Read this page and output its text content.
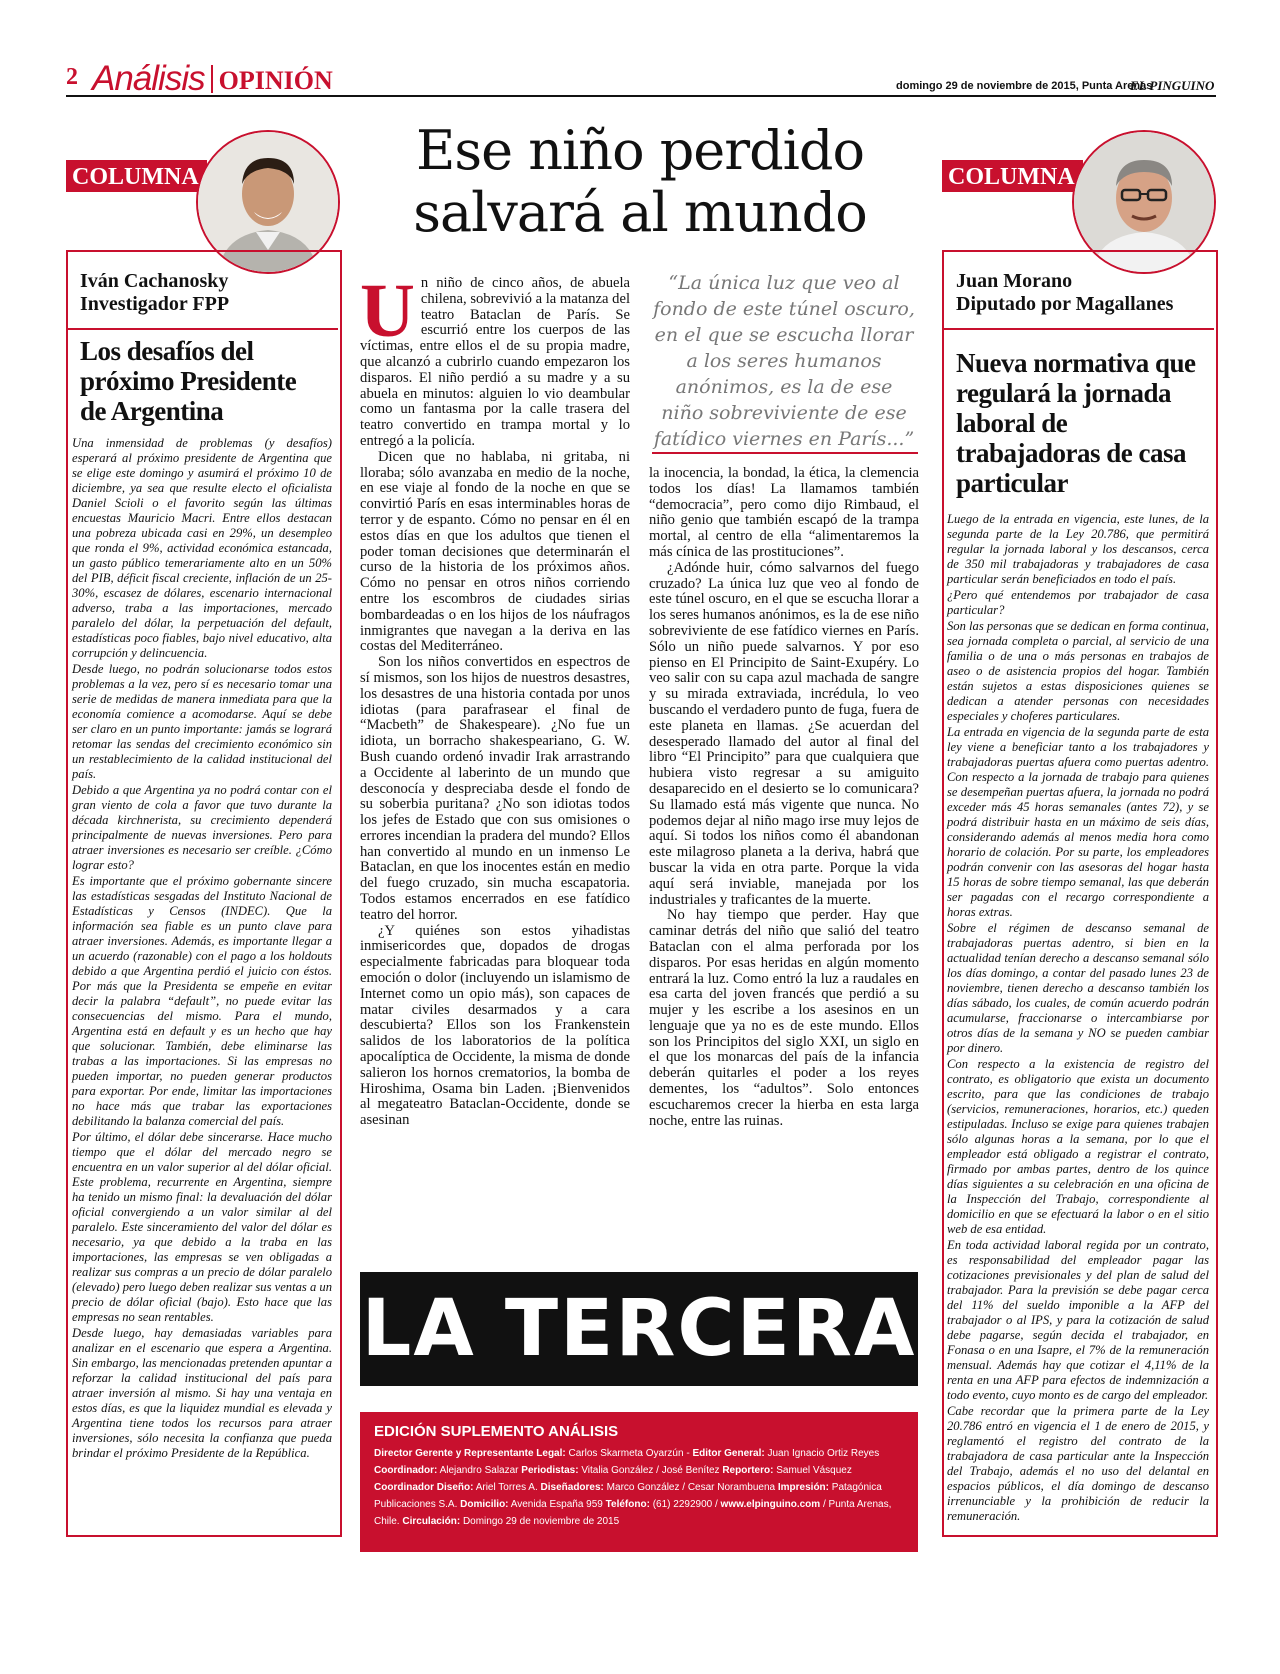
2 Análisis OPINIÓN	domingo 29 de noviembre de 2015, Punta Arenas
EL PINGUINO
COLUMNA
Iván Cachanosky
Investigador FPP
Los desafíos del próximo Presidente de Argentina

Una inmensidad de problemas (y desafíos) esperará al próximo presidente de Argentina que se elige este domingo y asumirá el próximo 10 de diciembre, ya sea que resulte electo el oficialista Daniel Scioli o el favorito según las últimas encuestas Mauricio Macri. Entre ellos destacan una pobreza ubicada casi en 29%, un desempleo que ronda el 9%, actividad económica estancada, un gasto público temerariamente alto en un 50% del PIB, déficit fiscal creciente, inflación de un 25-30%, escasez de dólares, escenario internacional adverso, traba a las importaciones, mercado paralelo del dólar, la perpetuación del default, estadísticas poco fiables, bajo nivel educativo, alta corrupción y delincuencia.

Desde luego, no podrán solucionarse todos estos problemas a la vez, pero sí es necesario tomar una serie de medidas de manera inmediata para que la economía comience a acomodarse. Aquí se debe ser claro en un punto importante: jamás se logrará retomar las sendas del crecimiento económico sin un restablecimiento de la calidad institucional del país.

Debido a que Argentina ya no podrá contar con el gran viento de cola a favor que tuvo durante la década kirchnerista, su crecimiento dependerá principalmente de nuevas inversiones. Pero para atraer inversiones es necesario ser creíble. ¿Cómo lograr esto?

Es importante que el próximo gobernante sincere las estadísticas sesgadas del Instituto Nacional de Estadísticas y Censos (INDEC). Que la información sea fiable es un punto clave para atraer inversiones. Además, es importante llegar a un acuerdo (razonable) con el pago a los holdouts debido a que Argentina perdió el juicio con éstos. Por más que la Presidenta se empeñe en evitar decir la palabra “default”, no puede evitar las consecuencias del mismo. Para el mundo, Argentina está en default y es un hecho que hay que solucionar. También, debe eliminarse las trabas a las importaciones. Si las empresas no pueden importar, no pueden generar productos para exportar. Por ende, limitar las importaciones no hace más que trabar las exportaciones debilitando la balanza comercial del país.

Por último, el dólar debe sincerarse. Hace mucho tiempo que el dólar del mercado negro se encuentra en un valor superior al del dólar oficial. Este problema, recurrente en Argentina, siempre ha tenido un mismo final: la devaluación del dólar oficial convergiendo a un valor similar al del paralelo. Este sinceramiento del valor del dólar es necesario, ya que debido a la traba en las importaciones, las empresas se ven obligadas a realizar sus compras a un precio de dólar paralelo (elevado) pero luego deben realizar sus ventas a un precio de dólar oficial (bajo). Esto hace que las empresas no sean rentables.

Desde luego, hay demasiadas variables para analizar en el escenario que espera a Argentina. Sin embargo, las mencionadas pretenden apuntar a reforzar la calidad institucional del país para atraer inversión al mismo. Si hay una ventaja en estos días, es que la liquidez mundial es elevada y Argentina tiene todos los recursos para atraer inversiones, sólo necesita la confianza que pueda brindar el próximo Presidente de la República.

Ese niño perdido
salvará al mundo

Un niño de cinco años, de abuela chilena, sobrevivió a la matanza del teatro Bataclan de París. Se escurrió entre los cuerpos de las víctimas, entre ellos el de su propia madre, que alcanzó a cubrirlo cuando empezaron los disparos. El niño perdió a su madre y a su abuela en minutos: alguien lo vio deambular como un fantasma por la calle trasera del teatro convertido en trampa mortal y lo entregó a la policía.

Dicen que no hablaba, ni gritaba, ni lloraba; sólo avanzaba en medio de la noche, en ese viaje al fondo de la noche en que se convirtió París en esas interminables horas de terror y de espanto. Cómo no pensar en él en estos días en que los adultos que tienen el poder toman decisiones que determinarán el curso de la historia de los próximos años. Cómo no pensar en otros niños corriendo entre los escombros de ciudades sirias bombardeadas o en los hijos de los náufragos inmigrantes que navegan a la deriva en las costas del Mediterráneo.

Son los niños convertidos en espectros de sí mismos, son los hijos de nuestros desastres, los desastres de una historia contada por unos idiotas (para parafrasear el final de “Macbeth” de Shakespeare). ¿No fue un idiota, un borracho shakespeariano, G. W. Bush cuando ordenó invadir Irak arrastrando a Occidente al laberinto de un mundo que desconocía y despreciaba desde el fondo de su soberbia puritana? ¿No son idiotas todos los jefes de Estado que con sus omisiones o errores incendian la pradera del mundo? Ellos han convertido al mundo en un inmenso Le Bataclan, en que los inocentes están en medio del fuego cruzado, sin mucha escapatoria. Todos estamos encerrados en ese fatídico teatro del horror.

¿Y quiénes son estos yihadistas inmisericordes que, dopados de drogas especialmente fabricadas para bloquear toda emoción o dolor (incluyendo un islamismo de Internet como un opio más), son capaces de matar civiles desarmados y a cara descubierta? Ellos son los Frankenstein salidos de los laboratorios de la política apocalíptica de Occidente, la misma de donde salieron los hornos crematorios, la bomba de Hiroshima, Osama bin Laden. ¡Bienvenidos al megateatro Bataclan-Occidente, donde se asesinan

“La única luz que veo al fondo de este túnel oscuro, en el que se escucha llorar a los seres humanos anónimos, es la de ese niño sobreviviente de ese fatídico viernes en París...”

la inocencia, la bondad, la ética, la clemencia todos los días! La llamamos también “democracia”, pero como dijo Rimbaud, el niño genio que también escapó de la trampa mortal, al centro de ella “alimentaremos la más cínica de las prostituciones”.

¿Adónde huir, cómo salvarnos del fuego cruzado? La única luz que veo al fondo de este túnel oscuro, en el que se escucha llorar a los seres humanos anónimos, es la de ese niño sobreviviente de ese fatídico viernes en París. Sólo un niño puede salvarnos. Y por eso pienso en El Principito de Saint-Exupéry. Lo veo salir con su capa azul machada de sangre y su mirada extraviada, incrédula, lo veo buscando el verdadero punto de fuga, fuera de este planeta en llamas. ¿Se acuerdan del desesperado llamado del autor al final del libro “El Principito” para que cualquiera que hubiera visto regresar a su amiguito desaparecido en el desierto se lo comunicara? Su llamado está más vigente que nunca. No podemos dejar al niño mago irse muy lejos de aquí. Si todos los niños como él abandonan este milagroso planeta a la deriva, habrá que buscar la vida en otra parte. Porque la vida aquí será inviable, manejada por los industriales y traficantes de la muerte.

No hay tiempo que perder. Hay que caminar detrás del niño que salió del teatro Bataclan con el alma perforada por los disparos. Por esas heridas en algún momento entrará la luz. Como entró la luz a raudales en esa carta del joven francés que perdió a su mujer y les escribe a los asesinos en un lenguaje que ya no es de este mundo. Ellos son los Principitos del siglo XXI, un siglo en el que los monarcas del país de la infancia deberán quitarles el poder a los reyes dementes, los “adultos”. Solo entonces escucharemos crecer la hierba en esta larga noche, entre las ruinas.

LA TERCERA
EDICIÓN SUPLEMENTO ANÁLISIS
Director Gerente y Representante Legal: Carlos Skarmeta Oyarzún - Editor General: Juan Ignacio Ortiz Reyes
Coordinador: Alejandro Salazar Periodistas: Vitalia González / José Benítez Reportero: Samuel Vásquez
Coordinador Diseño: Ariel Torres A. Diseñadores: Marco González / Cesar Norambuena Impresión: Patagónica
Publicaciones S.A. Domicilio: Avenida España 959 Teléfono: (61) 2292900 / www.elpinguino.com / Punta Arenas,
Chile. Circulación: Domingo 29 de noviembre de 2015
COLUMNA
Juan Morano
Diputado por Magallanes
Nueva normativa que regulará la jornada laboral de trabajadoras de casa particular

Luego de la entrada en vigencia, este lunes, de la segunda parte de la Ley 20.786, que permitirá regular la jornada laboral y los descansos, cerca de 350 mil trabajadoras y trabajadores de casa particular serán beneficiados en todo el país.

¿Pero qué entendemos por trabajador de casa particular?

Son las personas que se dedican en forma continua, sea jornada completa o parcial, al servicio de una familia o de una o más personas en trabajos de aseo o de asistencia propios del hogar. También están sujetos a estas disposiciones quienes se dedican a atender personas con necesidades especiales y choferes particulares.

La entrada en vigencia de la segunda parte de esta ley viene a beneficiar tanto a los trabajadores y trabajadoras puertas afuera como puertas adentro. Con respecto a la jornada de trabajo para quienes se desempeñan puertas afuera, la jornada no podrá exceder más 45 horas semanales (antes 72), y se podrá distribuir hasta en un máximo de seis días, considerando además al menos media hora como horario de colación. Por su parte, los empleadores podrán convenir con las asesoras del hogar hasta 15 horas de sobre tiempo semanal, las que deberán ser pagadas con el recargo correspondiente a horas extras.

Sobre el régimen de descanso semanal de trabajadoras puertas adentro, si bien en la actualidad tenían derecho a descanso semanal sólo los días domingo, a contar del pasado lunes 23 de noviembre, tienen derecho a descanso también los días sábado, los cuales, de común acuerdo podrán acumularse, fraccionarse o intercambiarse por otros días de la semana y NO se pueden cambiar por dinero.

Con respecto a la existencia de registro del contrato, es obligatorio que exista un documento escrito, para que las condiciones de trabajo (servicios, remuneraciones, horarios, etc.) queden estipuladas. Incluso se exige para quienes trabajen sólo algunas horas a la semana, por lo que el empleador está obligado a registrar el contrato, firmado por ambas partes, dentro de los quince días siguientes a su celebración en una oficina de la Inspección del Trabajo, correspondiente al domicilio en que se efectuará la labor o en el sitio web de esa entidad.

En toda actividad laboral regida por un contrato, es responsabilidad del empleador pagar las cotizaciones previsionales y del plan de salud del trabajador. Para la previsión se debe pagar cerca del 11% del sueldo imponible a la AFP del trabajador o al IPS, y para la cotización de salud debe pagarse, según decida el trabajador, en Fonasa o en una Isapre, el 7% de la remuneración mensual. Además hay que cotizar el 4,11% de la renta en una AFP para efectos de indemnización a todo evento, cuyo monto es de cargo del empleador.

Cabe recordar que la primera parte de la Ley 20.786 entró en vigencia el 1 de enero de 2015, y reglamentó el registro del contrato de la trabajadora de casa particular ante la Inspección del Trabajo, además el no uso del delantal en espacios públicos, el día domingo de descanso irrenunciable y la prohibición de reducir la remuneración.
